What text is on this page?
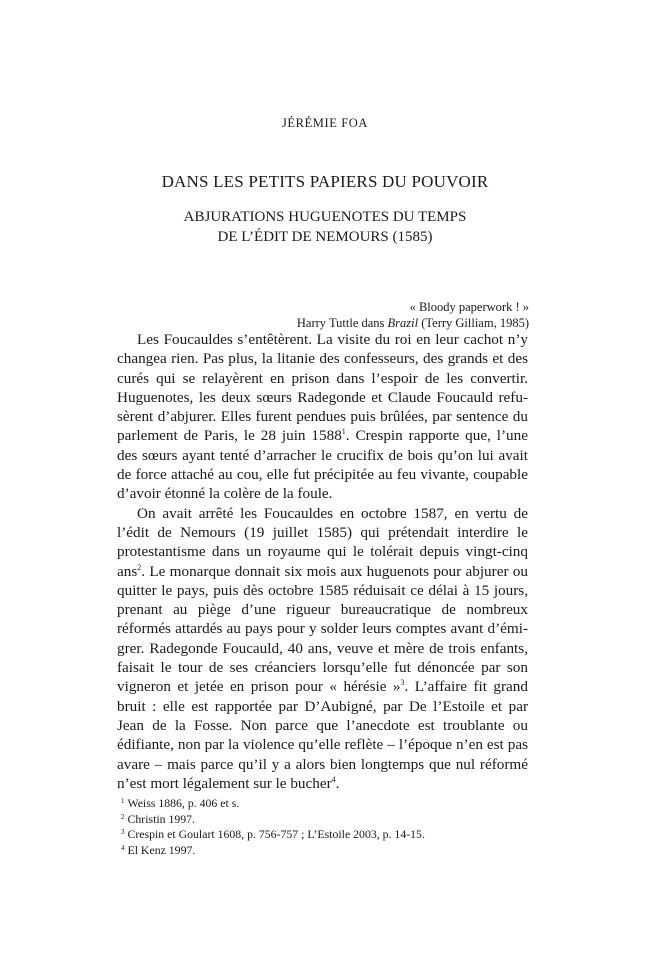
JÉRÉMIE FOA
DANS LES PETITS PAPIERS DU POUVOIR
ABJURATIONS HUGUENOTES DU TEMPS
DE L’ÉDIT DE NEMOURS (1585)
« Bloody paperwork ! »
Harry Tuttle dans Brazil (Terry Gilliam, 1985)

Les Foucauldes s’entêtèrent. La visite du roi en leur cachot n’y changea rien. Pas plus, la litanie des confesseurs, des grands et des curés qui se relayèrent en prison dans l’espoir de les convertir. Huguenotes, les deux sœurs Radegonde et Claude Foucauld refusèrent d’abjurer. Elles furent pendues puis brûlées, par sentence du parlement de Paris, le 28 juin 1588$^1$. Crespin rapporte que, l’une des sœurs ayant tenté d’arracher le crucifix de bois qu’on lui avait de force attaché au cou, elle fut précipitée au feu vivante, coupable d’avoir étonné la colère de la foule.

On avait arrêté les Foucauldes en octobre 1587, en vertu de l’édit de Nemours (19 juillet 1585) qui prétendait interdire le protestantisme dans un royaume qui le tolérait depuis vingt-cinq ans$^2$. Le monarque donnait six mois aux huguenots pour abjurer ou quitter le pays, puis dès octobre 1585 réduisait ce délai à 15 jours, prenant au piège d’une rigueur bureaucratique de nombreux réformés attardés au pays pour y solder leurs comptes avant d’émigrer. Radegonde Foucauld, 40 ans, veuve et mère de trois enfants, faisait le tour de ses créanciers lorsqu’elle fut dénoncée par son vigneron et jetée en prison pour « hérésie »$^3$. L’affaire fit grand bruit : elle est rapportée par D’Aubigné, par De l’Estoile et par Jean de la Fosse. Non parce que l’anecdote est troublante ou édifiante, non par la violence qu’elle reflète – l’époque n’en est pas avare – mais parce qu’il y a alors bien longtemps que nul réformé n’est mort légalement sur le bucher$^4$.

$^1$ Weiss 1886, p. 406 et s.
$^2$ Christin 1997.
$^3$ Crespin et Goulart 1608, p. 756-757 ; L’Estoile 2003, p. 14-15.
$^4$ El Kenz 1997.
